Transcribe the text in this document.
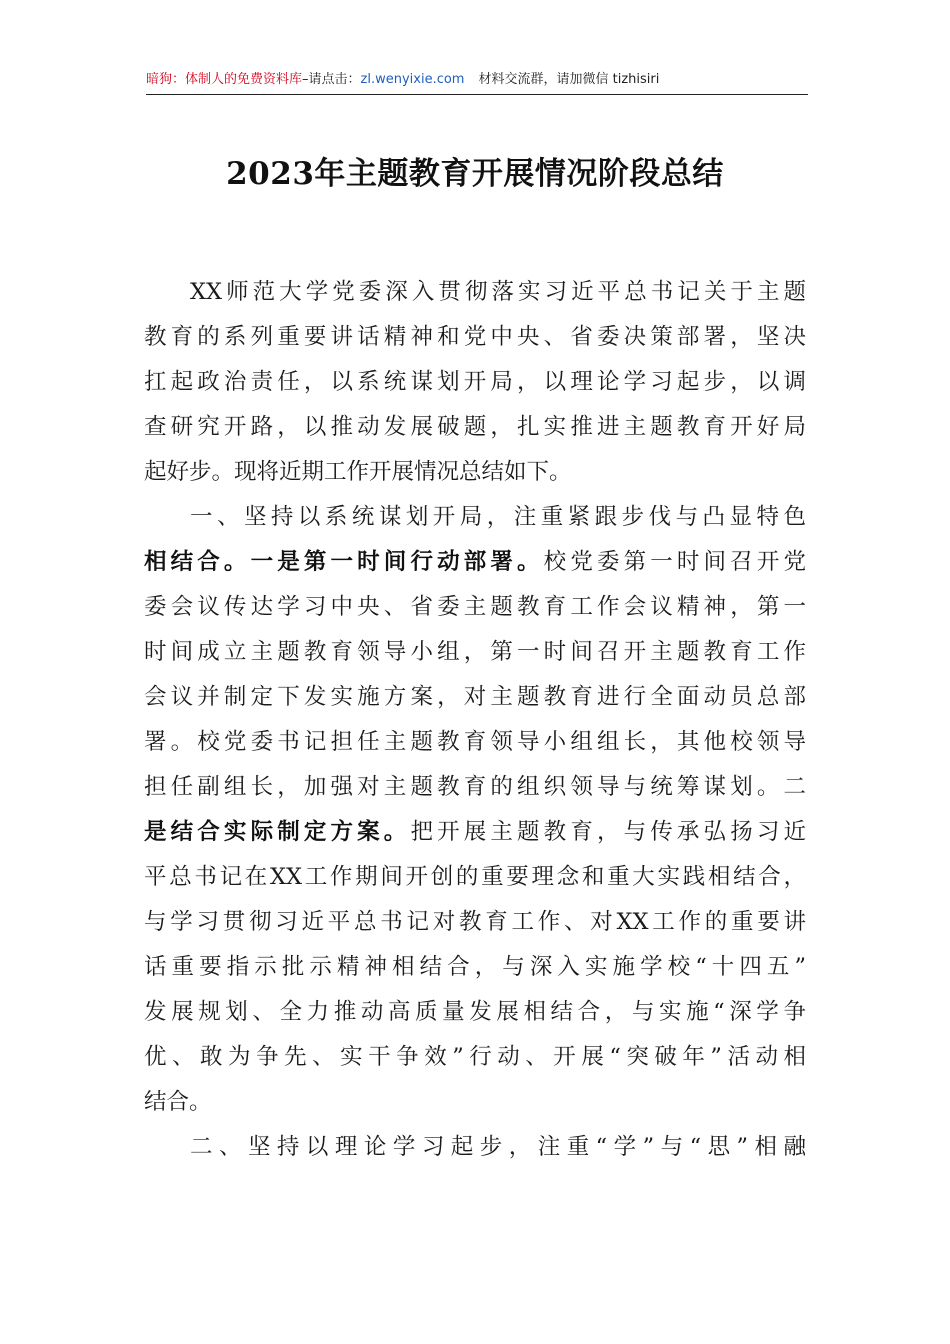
暗狗：体制人的免费资料库–请点击：zl.wenyixie.com 材料交流群，请加微信 tizhisiri
2023年主题教育开展情况阶段总结
XX师范大学党委深入贯彻落实习近平总书记关于主题
教育的系列重要讲话精神和党中央、省委决策部署，坚决
扛起政治责任，以系统谋划开局，以理论学习起步，以调
查研究开路，以推动发展破题，扎实推进主题教育开好局
起好步。现将近期工作开展情况总结如下。
一、坚持以系统谋划开局，注重紧跟步伐与凸显特色
相结合。一是第一时间行动部署。校党委第一时间召开党
委会议传达学习中央、省委主题教育工作会议精神，第一
时间成立主题教育领导小组，第一时间召开主题教育工作
会议并制定下发实施方案，对主题教育进行全面动员总部
署。校党委书记担任主题教育领导小组组长，其他校领导
担任副组长，加强对主题教育的组织领导与统筹谋划。二
是结合实际制定方案。把开展主题教育，与传承弘扬习近
平总书记在XX工作期间开创的重要理念和重大实践相结合，
与学习贯彻习近平总书记对教育工作、对XX工作的重要讲
话重要指示批示精神相结合，与深入实施学校“十四五”
发展规划、全力推动高质量发展相结合，与实施“深学争
优、敢为争先、实干争效”行动、开展“突破年”活动相
结合。
二、坚持以理论学习起步，注重“学”与“思”相融
